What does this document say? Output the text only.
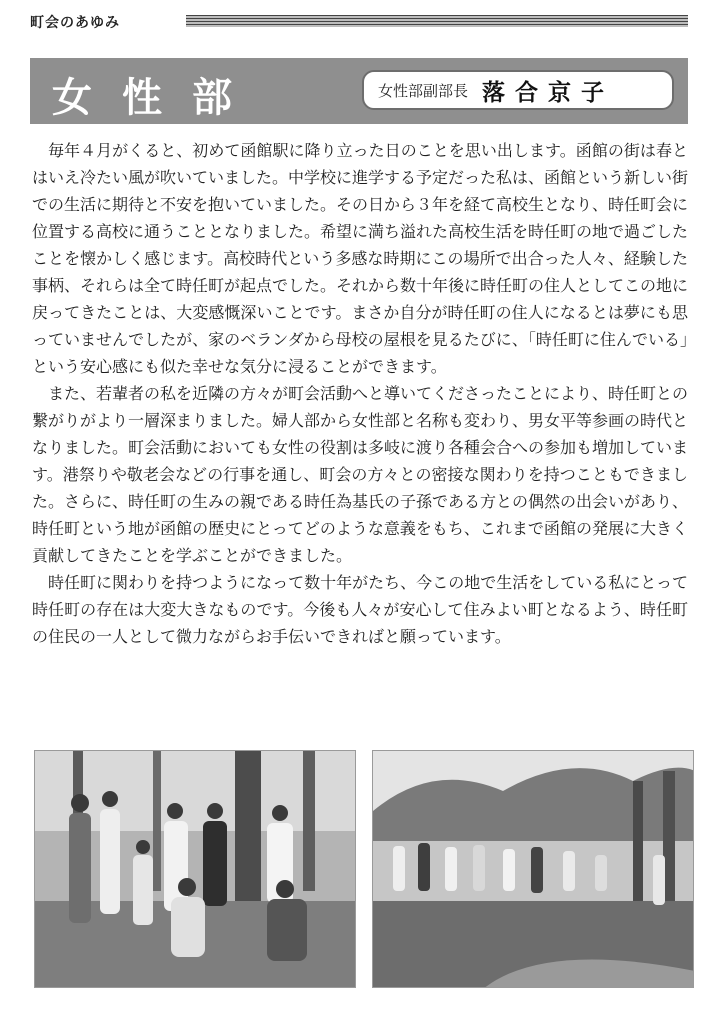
町会のあゆみ
女性部	女性部副部長 落合京子

毎年４月がくると、初めて函館駅に降り立った日のことを思い出します。函館の街は春とはいえ冷たい風が吹いていました。中学校に進学する予定だった私は、函館という新しい街での生活に期待と不安を抱いていました。その日から３年を経て高校生となり、時任町会に位置する高校に通うこととなりました。希望に満ち溢れた高校生活を時任町の地で過ごしたことを懐かしく感じます。高校時代という多感な時期にこの場所で出合った人々、経験した事柄、それらは全て時任町が起点でした。それから数十年後に時任町の住人としてこの地に戻ってきたことは、大変感慨深いことです。まさか自分が時任町の住人になるとは夢にも思っていませんでしたが、家のベランダから母校の屋根を見るたびに、「時任町に住んでいる」という安心感にも似た幸せな気分に浸ることができます。

また、若輩者の私を近隣の方々が町会活動へと導いてくださったことにより、時任町との繋がりがより一層深まりました。婦人部から女性部と名称も変わり、男女平等参画の時代となりました。町会活動においても女性の役割は多岐に渡り各種会合への参加も増加しています。港祭りや敬老会などの行事を通し、町会の方々との密接な関わりを持つこともできました。さらに、時任町の生みの親である時任為基氏の子孫である方との偶然の出会いがあり、時任町という地が函館の歴史にとってどのような意義をもち、これまで函館の発展に大きく貢献してきたことを学ぶことができました。

時任町に関わりを持つようになって数十年がたち、今この地で生活をしている私にとって時任町の存在は大変大きなものです。今後も人々が安心して住みよい町となるよう、時任町の住民の一人として微力ながらお手伝いできればと願っています。
